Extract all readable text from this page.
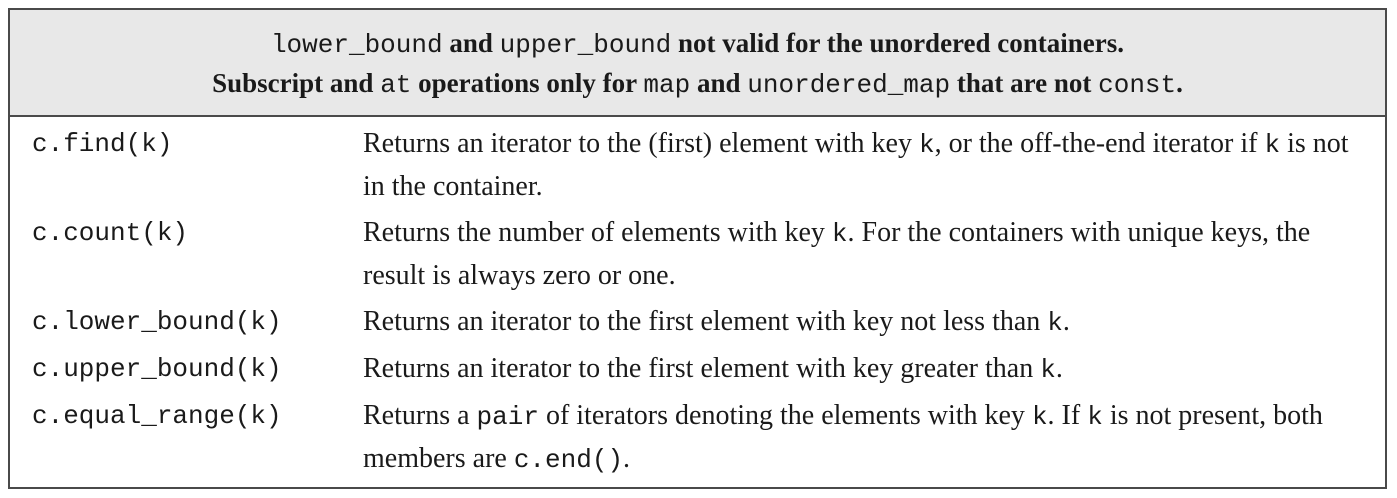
lower_bound and upper_bound not valid for the unordered containers.
Subscript and at operations only for map and unordered_map that are not const.
c.find(k)	Returns an iterator to the (first) element with key k, or the off-the-end iterator if k is not in the container.
c.count(k)	Returns the number of elements with key k. For the containers with unique keys, the result is always zero or one.
c.lower_bound(k)	Returns an iterator to the first element with key not less than k.
c.upper_bound(k)	Returns an iterator to the first element with key greater than k.
c.equal_range(k)	Returns a pair of iterators denoting the elements with key k. If k is not present, both members are c.end().
